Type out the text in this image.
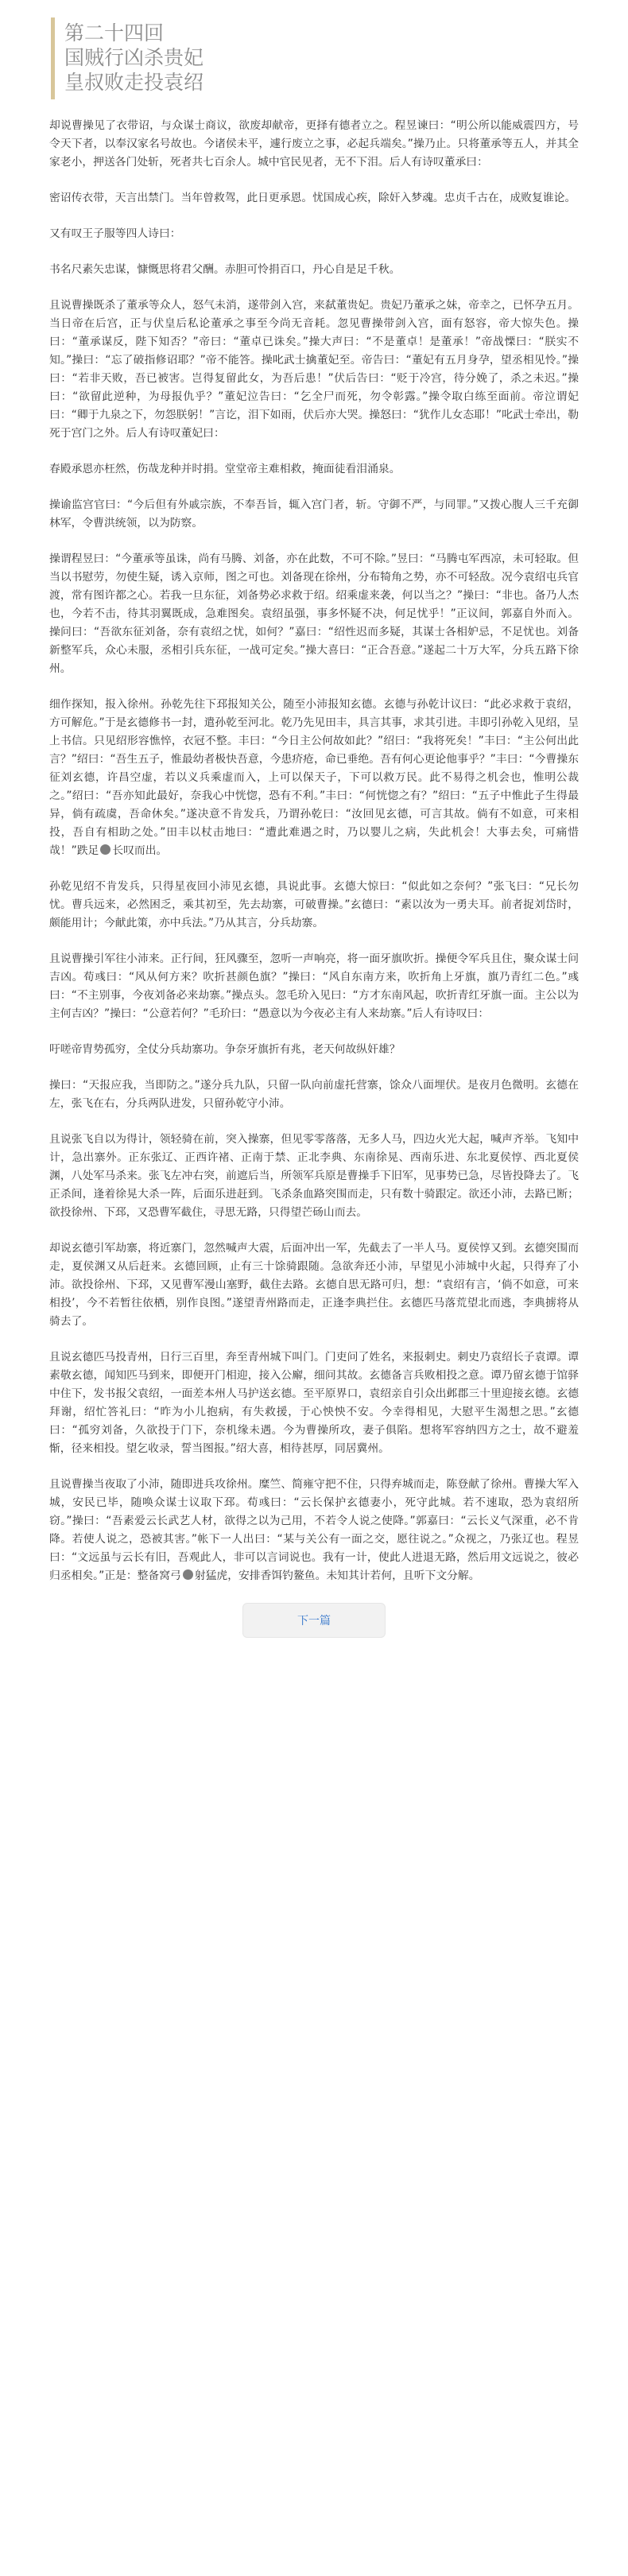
第二十四回
国贼行凶杀贵妃
皇叔败走投袁绍

却说曹操见了衣带诏，与众谋士商议，欲废却献帝，更择有德者立之。程昱谏曰：“明公所以能威震四方，号令天下者，以奉汉家名号故也。今诸侯未平，遽行废立之事，必起兵端矣。”操乃止。只将董承等五人，并其全家老小，押送各门处斩，死者共七百余人。城中官民见者，无不下泪。后人有诗叹董承曰：

密诏传衣带，天言出禁门。当年曾救驾，此日更承恩。忧国成心疾，除奸入梦魂。忠贞千古在，成败复谁论。

又有叹王子服等四人诗曰：

书名尺素矢忠谋，慷慨思将君父酬。赤胆可怜捐百口，丹心自是足千秋。

且说曹操既杀了董承等众人，怒气未消，遂带剑入宫，来弑董贵妃。贵妃乃董承之妹，帝幸之，已怀孕五月。当日帝在后宫，正与伏皇后私论董承之事至今尚无音耗。忽见曹操带剑入宫，面有怒容，帝大惊失色。操曰：“董承谋反，陛下知否？”帝曰：“董卓已诛矣。”操大声曰：“不是董卓！是董承！”帝战慄曰：“朕实不知。”操曰：“忘了破指修诏耶？”帝不能答。操叱武士擒董妃至。帝告曰：“董妃有五月身孕，望丞相见怜。”操曰：“若非天败，吾已被害。岂得复留此女，为吾后患！”伏后告曰：“贬于冷宫，待分娩了，杀之未迟。”操曰：“欲留此逆种，为母报仇乎？”董妃泣告曰：“乞全尸而死，勿令彰露。”操令取白练至面前。帝泣谓妃曰：“卿于九泉之下，勿怨朕躬！”言讫，泪下如雨，伏后亦大哭。操怒曰：“犹作儿女态耶！”叱武士牵出，勒死于宫门之外。后人有诗叹董妃曰：

春殿承恩亦枉然，伤哉龙种并时捐。堂堂帝主难相救，掩面徒看泪涌泉。

操谕监宫官曰：“今后但有外戚宗族，不奉吾旨，辄入宫门者，斩。守御不严，与同罪。”又拨心腹人三千充御林军，令曹洪统领，以为防察。

操谓程昱曰：“今董承等虽诛，尚有马腾、刘备，亦在此数，不可不除。”昱曰：“马腾屯军西凉，未可轻取。但当以书慰劳，勿使生疑，诱入京师，图之可也。刘备现在徐州，分布犄角之势，亦不可轻敌。况今袁绍屯兵官渡，常有图许都之心。若我一旦东征，刘备势必求救于绍。绍乘虚来袭，何以当之？”操曰：“非也。备乃人杰也，今若不击，待其羽翼既成，急难图矣。袁绍虽强，事多怀疑不决，何足忧乎！”正议间，郭嘉自外而入。操问曰：“吾欲东征刘备，奈有袁绍之忧，如何？”嘉曰：“绍性迟而多疑，其谋士各相妒忌，不足忧也。刘备新整军兵，众心未服，丞相引兵东征，一战可定矣。”操大喜曰：“正合吾意。”遂起二十万大军，分兵五路下徐州。

细作探知，报入徐州。孙乾先往下邳报知关公，随至小沛报知玄德。玄德与孙乾计议曰：“此必求救于袁绍，方可解危。”于是玄德修书一封，遣孙乾至河北。乾乃先见田丰，具言其事，求其引进。丰即引孙乾入见绍，呈上书信。只见绍形容憔悴，衣冠不整。丰曰：“今日主公何故如此？”绍曰：“我将死矣！”丰曰：“主公何出此言？”绍曰：“吾生五子，惟最幼者极快吾意，今患疥疮，命已垂绝。吾有何心更论他事乎？”丰曰：“今曹操东征刘玄德，许昌空虚，若以义兵乘虚而入，上可以保天子，下可以救万民。此不易得之机会也，惟明公裁之。”绍曰：“吾亦知此最好，奈我心中恍惚，恐有不利。”丰曰：“何恍惚之有？”绍曰：“五子中惟此子生得最异，倘有疏虞，吾命休矣。”遂决意不肯发兵，乃谓孙乾曰：“汝回见玄德，可言其故。倘有不如意，可来相投，吾自有相助之处。”田丰以杖击地曰：“遭此难遇之时，乃以婴儿之病，失此机会！大事去矣，可痛惜哉！”跌足 长叹而出。

孙乾见绍不肯发兵，只得星夜回小沛见玄德，具说此事。玄德大惊曰：“似此如之奈何？”张飞曰：“兄长勿忧。曹兵远来，必然困乏，乘其初至，先去劫寨，可破曹操。”玄德曰：“素以汝为一勇夫耳。前者捉刘岱时，颇能用计；今献此策，亦中兵法。”乃从其言，分兵劫寨。

且说曹操引军往小沛来。正行间，狂风骤至，忽听一声响亮，将一面牙旗吹折。操便令军兵且住，聚众谋士问吉凶。荀彧曰：“风从何方来？吹折甚颜色旗？”操曰：“风自东南方来，吹折角上牙旗，旗乃青红二色。”彧曰：“不主别事，今夜刘备必来劫寨。”操点头。忽毛玠入见曰：“方才东南风起，吹折青红牙旗一面。主公以为主何吉凶？”操曰：“公意若何？”毛玠曰：“愚意以为今夜必主有人来劫寨。”后人有诗叹曰：

吁嗟帝胄势孤穷，全仗分兵劫寨功。争奈牙旗折有兆，老天何故纵奸雄？

操曰：“天报应我，当即防之。”遂分兵九队，只留一队向前虚托营寨，馀众八面埋伏。是夜月色微明。玄德在左，张飞在右，分兵两队进发，只留孙乾守小沛。

且说张飞自以为得计，领轻骑在前，突入操寨，但见零零落落，无多人马，四边火光大起，喊声齐举。飞知中计，急出寨外。正东张辽、正西许褚、正南于禁、正北李典、东南徐晃、西南乐进、东北夏侯惇、西北夏侯渊，八处军马杀来。张飞左冲右突，前遮后当，所领军兵原是曹操手下旧军，见事势已急，尽皆投降去了。飞正杀间，逢着徐晃大杀一阵，后面乐进赶到。飞杀条血路突围而走，只有数十骑跟定。欲还小沛，去路已断；欲投徐州、下邳，又恐曹军截住，寻思无路，只得望芒砀山而去。

却说玄德引军劫寨，将近寨门，忽然喊声大震，后面冲出一军，先截去了一半人马。夏侯惇又到。玄德突围而走，夏侯渊又从后赶来。玄德回顾，止有三十馀骑跟随。急欲奔还小沛，早望见小沛城中火起，只得弃了小沛。欲投徐州、下邳，又见曹军漫山塞野，截住去路。玄德自思无路可归，想：“袁绍有言，‘倘不如意，可来相投’，今不若暂往依栖，别作良图。”遂望青州路而走，正逢李典拦住。玄德匹马落荒望北而逃，李典掳将从骑去了。

且说玄德匹马投青州，日行三百里，奔至青州城下叫门。门吏问了姓名，来报刺史。刺史乃袁绍长子袁谭。谭素敬玄德，闻知匹马到来，即便开门相迎，接入公廨，细问其故。玄德备言兵败相投之意。谭乃留玄德于馆驿中住下，发书报父袁绍，一面差本州人马护送玄德。至平原界口，袁绍亲自引众出邺郡三十里迎接玄德。玄德拜谢，绍忙答礼曰：“昨为小儿抱病，有失救援，于心怏怏不安。今幸得相见，大慰平生渴想之思。”玄德曰：“孤穷刘备，久欲投于门下，奈机缘未遇。今为曹操所攻，妻子俱陷。想将军容纳四方之士，故不避羞惭，径来相投。望乞收录，誓当图报。”绍大喜，相待甚厚，同居冀州。

且说曹操当夜取了小沛，随即进兵攻徐州。糜竺、简雍守把不住，只得弃城而走，陈登献了徐州。曹操大军入城，安民已毕，随唤众谋士议取下邳。荀彧曰：“云长保护玄德妻小，死守此城。若不速取，恐为袁绍所窃。”操曰：“吾素爱云长武艺人材，欲得之以为己用，不若令人说之使降。”郭嘉曰：“云长义气深重，必不肯降。若使人说之，恐被其害。”帐下一人出曰：“某与关公有一面之交，愿往说之。”众视之，乃张辽也。程昱曰：“文远虽与云长有旧，吾观此人，非可以言词说也。我有一计，使此人进退无路，然后用文远说之，彼必归丞相矣。”正是：整备窝弓 射猛虎，安排香饵钓鳌鱼。未知其计若何，且听下文分解。

下一篇
